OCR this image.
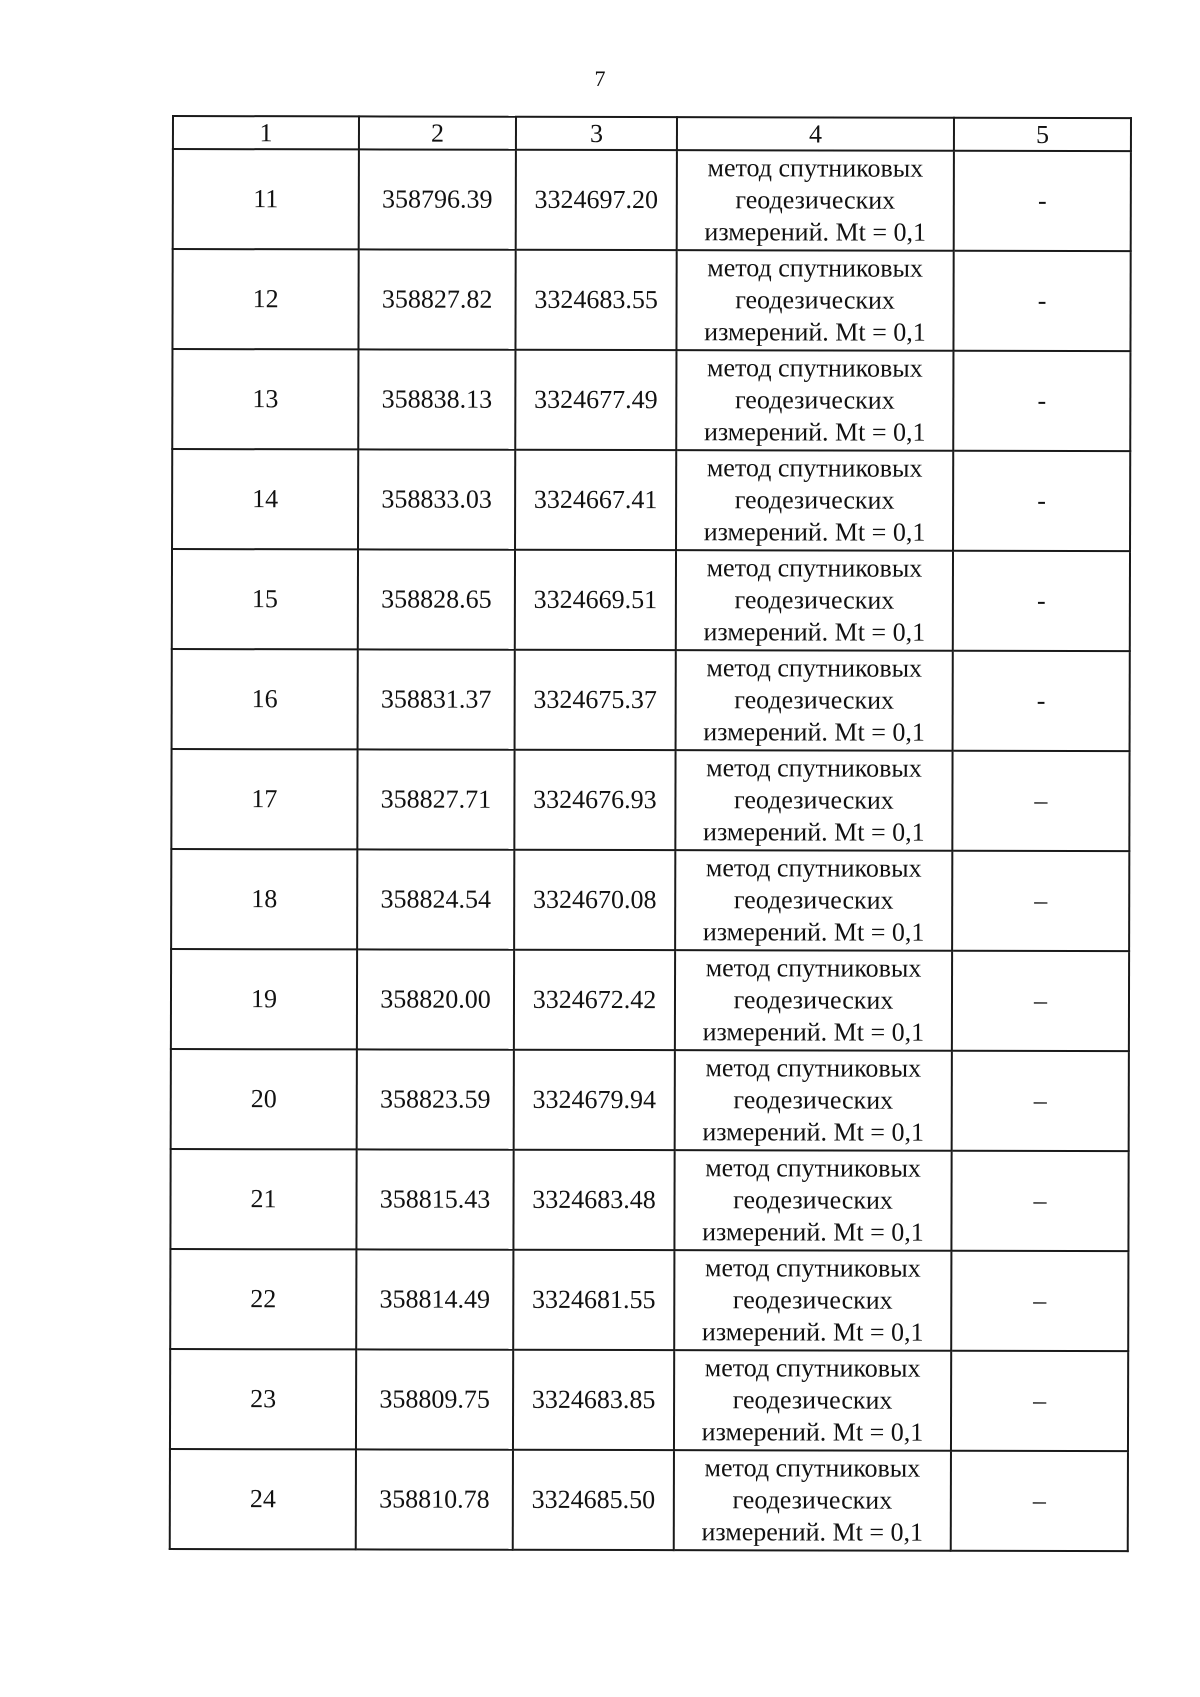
7
1	2	3	4	5
11	358796.39	3324697.20	метод спутниковых
геодезических
измерений. Mt = 0,1	-
12	358827.82	3324683.55	метод спутниковых
геодезических
измерений. Mt = 0,1	-
13	358838.13	3324677.49	метод спутниковых
геодезических
измерений. Mt = 0,1	-
14	358833.03	3324667.41	метод спутниковых
геодезических
измерений. Mt = 0,1	-
15	358828.65	3324669.51	метод спутниковых
геодезических
измерений. Mt = 0,1	-
16	358831.37	3324675.37	метод спутниковых
геодезических
измерений. Mt = 0,1	-
17	358827.71	3324676.93	метод спутниковых
геодезических
измерений. Mt = 0,1	–
18	358824.54	3324670.08	метод спутниковых
геодезических
измерений. Mt = 0,1	–
19	358820.00	3324672.42	метод спутниковых
геодезических
измерений. Mt = 0,1	–
20	358823.59	3324679.94	метод спутниковых
геодезических
измерений. Mt = 0,1	–
21	358815.43	3324683.48	метод спутниковых
геодезических
измерений. Mt = 0,1	–
22	358814.49	3324681.55	метод спутниковых
геодезических
измерений. Mt = 0,1	–
23	358809.75	3324683.85	метод спутниковых
геодезических
измерений. Mt = 0,1	–
24	358810.78	3324685.50	метод спутниковых
геодезических
измерений. Mt = 0,1	–
